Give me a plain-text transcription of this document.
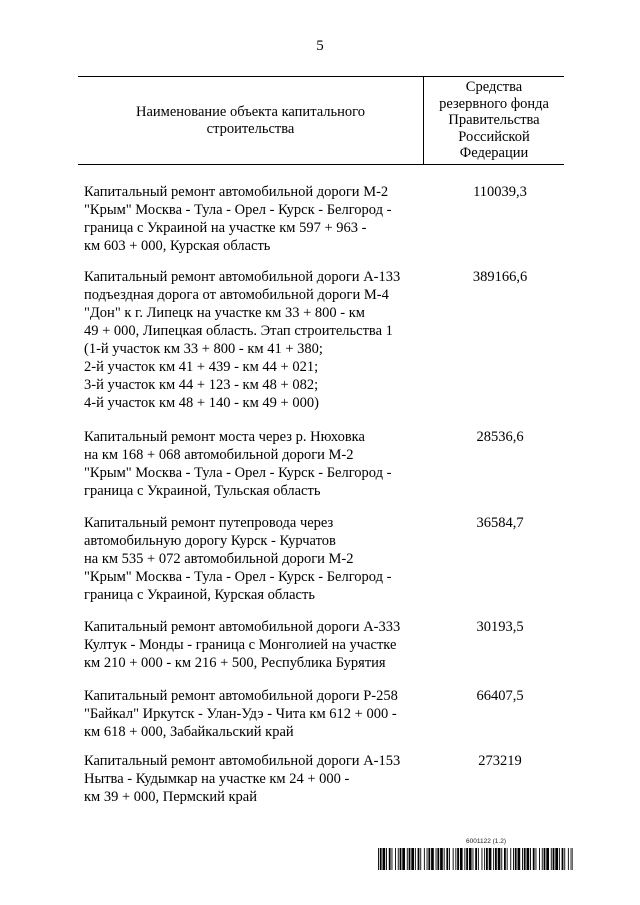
5
Наименование объекта капитального
строительства
Средства
резервного фонда
Правительства
Российской
Федерации
Капитальный ремонт автомобильной дороги М-2
"Крым" Москва - Тула - Орел - Курск - Белгород -
граница с Украиной на участке км 597 + 963 -
км 603 + 000, Курская область
110039,3
Капитальный ремонт автомобильной дороги А-133
подъездная дорога от автомобильной дороги М-4
"Дон" к г. Липецк на участке км 33 + 800 - км
49 + 000, Липецкая область. Этап строительства 1
(1-й участок км 33 + 800 - км 41 + 380;
2-й участок км 41 + 439 - км 44 + 021;
3-й участок км 44 + 123 - км 48 + 082;
4-й участок км 48 + 140 - км 49 + 000)
389166,6
Капитальный ремонт моста через р. Нюховка
на км 168 + 068 автомобильной дороги М-2
"Крым" Москва - Тула - Орел - Курск - Белгород -
граница с Украиной, Тульская область
28536,6
Капитальный ремонт путепровода через
автомобильную дорогу Курск - Курчатов
на км 535 + 072 автомобильной дороги М-2
"Крым" Москва - Тула - Орел - Курск - Белгород -
граница с Украиной, Курская область
36584,7
Капитальный ремонт автомобильной дороги А-333
Култук - Монды - граница с Монголией на участке
км 210 + 000 - км 216 + 500, Республика Бурятия
30193,5
Капитальный ремонт автомобильной дороги Р-258
"Байкал" Иркутск - Улан-Удэ - Чита км 612 + 000 -
км 618 + 000, Забайкальский край
66407,5
Капитальный ремонт автомобильной дороги А-153
Нытва - Кудымкар на участке км 24 + 000 -
км 39 + 000, Пермский край
273219
6001122 (1.2)
